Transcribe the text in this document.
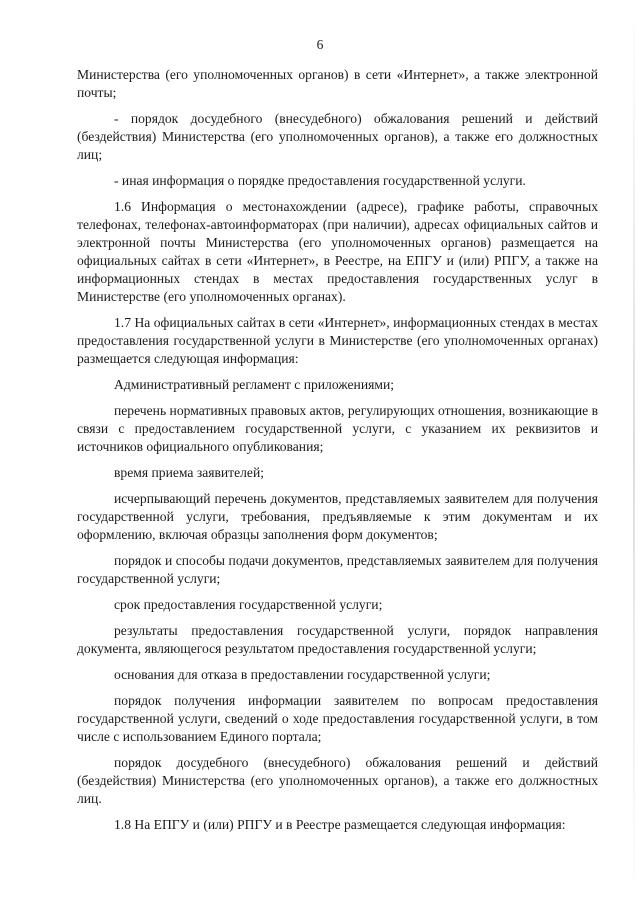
6

Министерства (его уполномоченных органов) в сети «Интернет», а также электронной почты;

- порядок досудебного (внесудебного) обжалования решений и действий (бездействия) Министерства (его уполномоченных органов), а также его должностных лиц;

- иная информация о порядке предоставления государственной услуги.

1.6 Информация о местонахождении (адресе), графике работы, справочных телефонах, телефонах-автоинформаторах (при наличии), адресах официальных сайтов и электронной почты Министерства (его уполномоченных органов) размещается на официальных сайтах в сети «Интернет», в Реестре, на ЕПГУ и (или) РПГУ, а также на информационных стендах в местах предоставления государственных услуг в Министерстве (его уполномоченных органах).

1.7 На официальных сайтах в сети «Интернет», информационных стендах в местах предоставления государственной услуги в Министерстве (его уполномоченных органах) размещается следующая информация:

Административный регламент с приложениями;

перечень нормативных правовых актов, регулирующих отношения, возникающие в связи с предоставлением государственной услуги, с указанием их реквизитов и источников официального опубликования;

время приема заявителей;

исчерпывающий перечень документов, представляемых заявителем для получения государственной услуги, требования, предъявляемые к этим документам и их оформлению, включая образцы заполнения форм документов;

порядок и способы подачи документов, представляемых заявителем для получения государственной услуги;

срок предоставления государственной услуги;

результаты предоставления государственной услуги, порядок направления документа, являющегося результатом предоставления государственной услуги;

основания для отказа в предоставлении государственной услуги;

порядок получения информации заявителем по вопросам предоставления государственной услуги, сведений о ходе предоставления государственной услуги, в том числе с использованием Единого портала;

порядок досудебного (внесудебного) обжалования решений и действий (бездействия) Министерства (его уполномоченных органов), а также его должностных лиц.

1.8 На ЕПГУ и (или) РПГУ и в Реестре размещается следующая информация:
